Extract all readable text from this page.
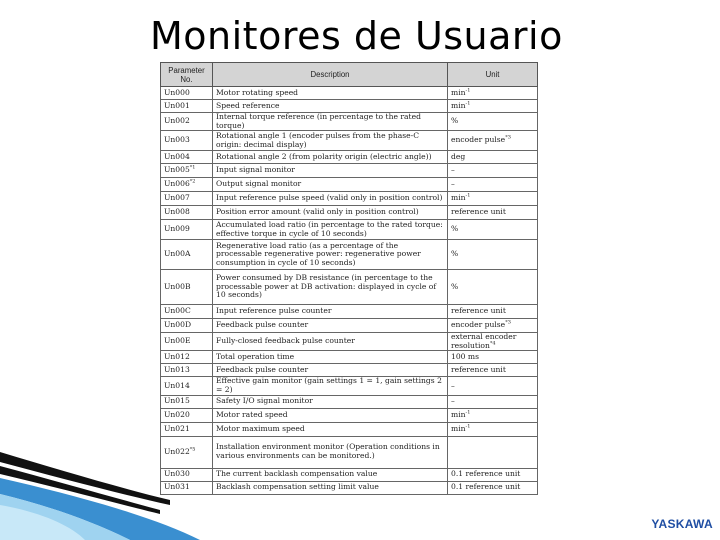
Monitores de Usuario
Parameter No.	Description	Unit
Un000	Motor rotating speed	$\min^{-1}$
Un001	Speed reference	$\min^{-1}$
Un002	Internal torque reference (in percentage to the rated torque)	%
Un003	Rotational angle 1 (encoder pulses from the phase-C origin: decimal display)	encoder pulse$^{*3}$
Un004	Rotational angle 2 (from polarity origin (electric angle))	deg
Un005$^{*1}$	Input signal monitor	–
Un006$^{*2}$	Output signal monitor	–
Un007	Input reference pulse speed (valid only in position control)	$\min^{-1}$
Un008	Position error amount (valid only in position control)	reference unit
Un009	Accumulated load ratio (in percentage to the rated torque: effective torque in cycle of 10 seconds)	%
Un00A	Regenerative load ratio (as a percentage of the processable regenerative power: regenerative power consumption in cycle of 10 seconds)	%
Un00B	Power consumed by DB resistance (in percentage to the processable power at DB activation: displayed in cycle of 10 seconds)	%
Un00C	Input reference pulse counter	reference unit
Un00D	Feedback pulse counter	encoder pulse$^{*3}$
Un00E	Fully-closed feedback pulse counter	external encoder resolution$^{*4}$
Un012	Total operation time	100 ms
Un013	Feedback pulse counter	reference unit
Un014	Effective gain monitor (gain settings 1 = 1, gain settings 2 = 2)	–
Un015	Safety I/O signal monitor	–
Un020	Motor rated speed	$\min^{-1}$
Un021	Motor maximum speed	$\min^{-1}$
Un022$^{*5}$	Installation environment monitor (Operation conditions in various environments can be monitored.)	
Un030	The current backlash compensation value	0.1 reference unit
Un031	Backlash compensation setting limit value	0.1 reference unit
YASKAWA
